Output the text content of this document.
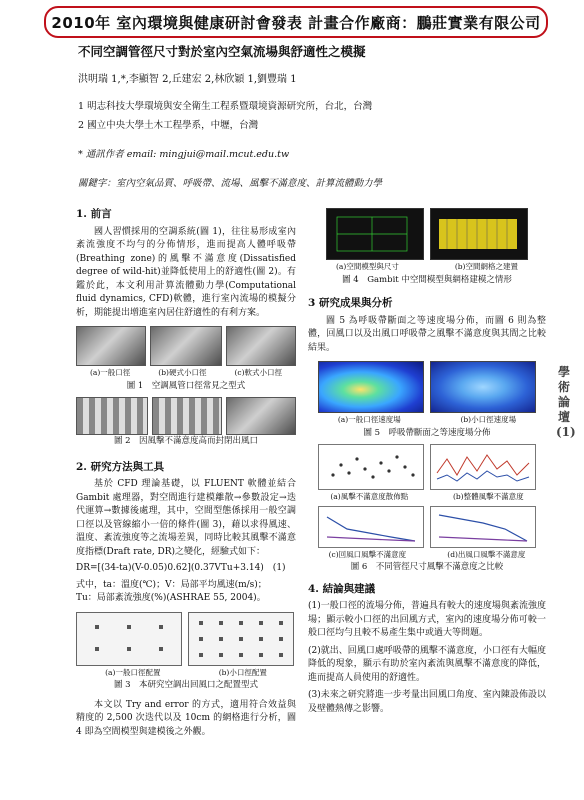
2010年 室內環境與健康研討會發表 計畫合作廠商：鵬莊實業有限公司
不同空調管徑尺寸對於室內空氣流場與舒適性之模擬
洪明瑞 1,*,李顯智 2,丘建宏 2,林欣穎 1,劉豐瑞 1
1 明志科技大學環境與安全衛生工程系暨環境資源研究所，台北，台灣
2 國立中央大學土木工程學系，中壢，台灣
* 通訊作者 email: mingjui@mail.mcut.edu.tw
關鍵字：室內空氣品質、呼吸帶、流場、風擊不滿意度、計算流體動力學
1. 前言

國人習慣採用的空調系統(圖 1)，往往易形成室內紊流強度不均勻的分佈情形，進而提高人體呼吸帶(Breathing zone)的風擊不滿意度(Dissatisfied degree of wild-hit)並降低使用上的舒適性(圖 2)。有鑑於此，本文利用計算流體動力學(Computational fluid dynamics, CFD)軟體，進行室內流場的模擬分析，期能提出增進室內居住舒適性的有利方案。

(a)一般口徑	(b)硬式小口徑	(c)軟式小口徑
圖 1　空調風管口徑常見之型式
圖 2　因風擊不滿意度高而封閉出風口
2. 研究方法與工具

基於 CFD 理論基礎，以 FLUENT 軟體並結合 Gambit 處理器，對空間進行建模離散→參數設定→迭代運算→數據後處理，其中，空間型態係採用一般空調口徑以及管線縮小一倍的條件(圖 3)，藉以求得風速、溫度、紊流強度等之流場差異，同時比較其風擊不滿意度指標(Draft rate, DR)之變化，經驗式如下：

DR=[(34-ta)(V-0.05)0.62](0.37VTu+3.14)　(1)
式中，ta：溫度(℃)；V：局部平均風速(m/s)；
Tu：局部紊流強度(%)(ASHRAE 55, 2004)。
(a)一般口徑配置	(b)小口徑配置
圖 3　本研究空調出回風口之配置型式

本文以 Try and error 的方式，適用符合效益與精度的 2,500 次迭代以及 10cm 的網格進行分析，圖 4 即為空間模型與建模後之外觀。

(a)空間模型與尺寸	(b)空間網格之建置
圖 4　Gambit 中空間模型與網格建模之情形
3 研究成果與分析

圖 5 為呼吸帶斷面之等速度場分佈，而圖 6 則為整體，回風口以及出風口呼吸帶之風擊不滿意度與其間之比較結果。

(a)一般口徑速度場	(b)小口徑速度場
圖 5　呼吸帶斷面之等速度場分佈
(a)風擊不滿意度散佈點	(b)整體風擊不滿意度
(c)回風口風擊不滿意度	(d)出風口風擊不滿意度
圖 6　不同管徑尺寸風擊不滿意度之比較
4. 結論與建議
(1)一般口徑的流場分佈，普遍具有較大的速度場與紊流強度場；顯示較小口徑的出回風方式，室內的速度場分佈可較一般口徑均勻且較不易產生集中或過大等問題。
(2)就出、回風口處呼吸帶的風擊不滿意度，小口徑有大幅度降低的現象，顯示有助於室內紊流與風擊不滿意度的降低，進而提高人員使用的舒適性。
(3)未來之研究將進一步考量出回風口角度、室內陳設佈設以及壁體熱傳之影響。
學術論壇(1)
